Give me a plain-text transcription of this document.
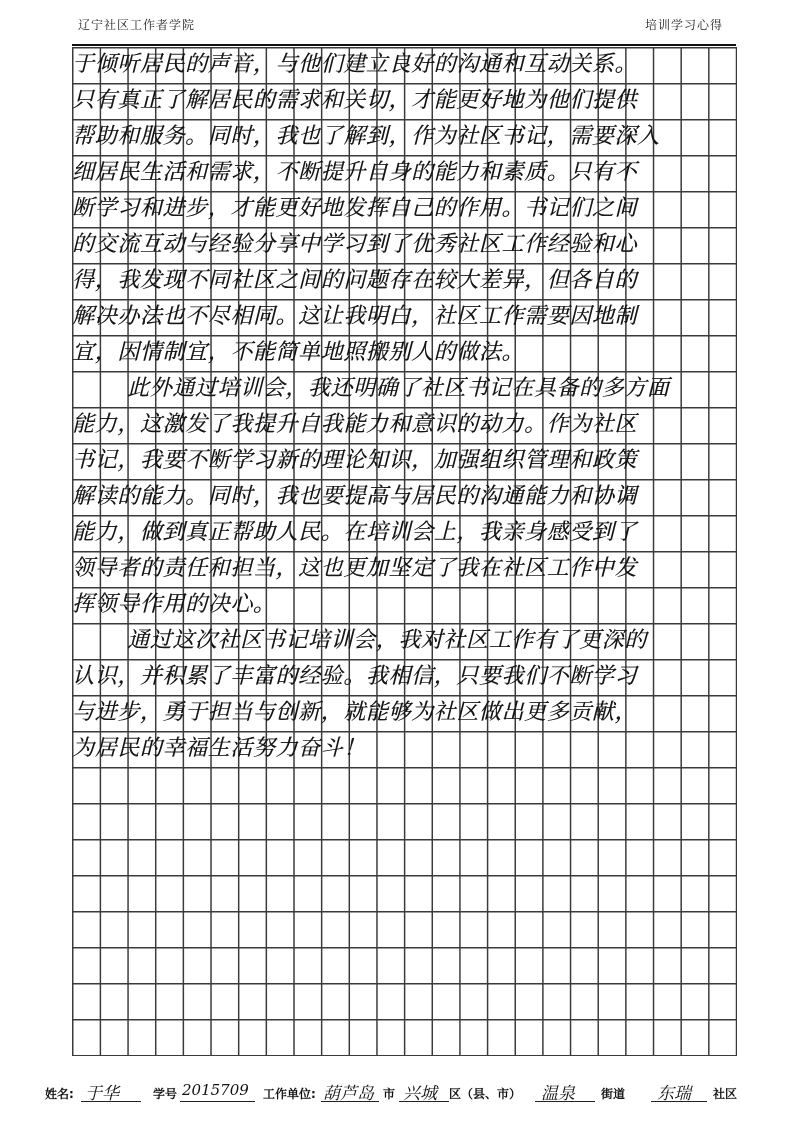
辽宁社区工作者学院	培训学习心得
于倾听居民的声音，与他们建立良好的沟通和互动关系。
只有真正了解居民的需求和关切，才能更好地为他们提供
帮助和服务。同时，我也了解到，作为社区书记，需要深入
细居民生活和需求，不断提升自身的能力和素质。只有不
断学习和进步，才能更好地发挥自己的作用。书记们之间
的交流互动与经验分享中学习到了优秀社区工作经验和心
得，我发现不同社区之间的问题存在较大差异，但各自的
解决办法也不尽相同。这让我明白，社区工作需要因地制
宜，因情制宜，不能简单地照搬别人的做法。
此外通过培训会，我还明确了社区书记在具备的多方面
能力，这激发了我提升自我能力和意识的动力。作为社区
书记，我要不断学习新的理论知识，加强组织管理和政策
解读的能力。同时，我也要提高与居民的沟通能力和协调
能力，做到真正帮助人民。在培训会上，我亲身感受到了
领导者的责任和担当，这也更加坚定了我在社区工作中发
挥领导作用的决心。
通过这次社区书记培训会，我对社区工作有了更深的
认识，并积累了丰富的经验。我相信，只要我们不断学习
与进步，勇于担当与创新，就能够为社区做出更多贡献，
为居民的幸福生活努力奋斗！
姓名: 于华	学号 2015709 工作单位: 葫芦岛 市 兴城 区（县、市） 温泉 街道 东瑞 社区
